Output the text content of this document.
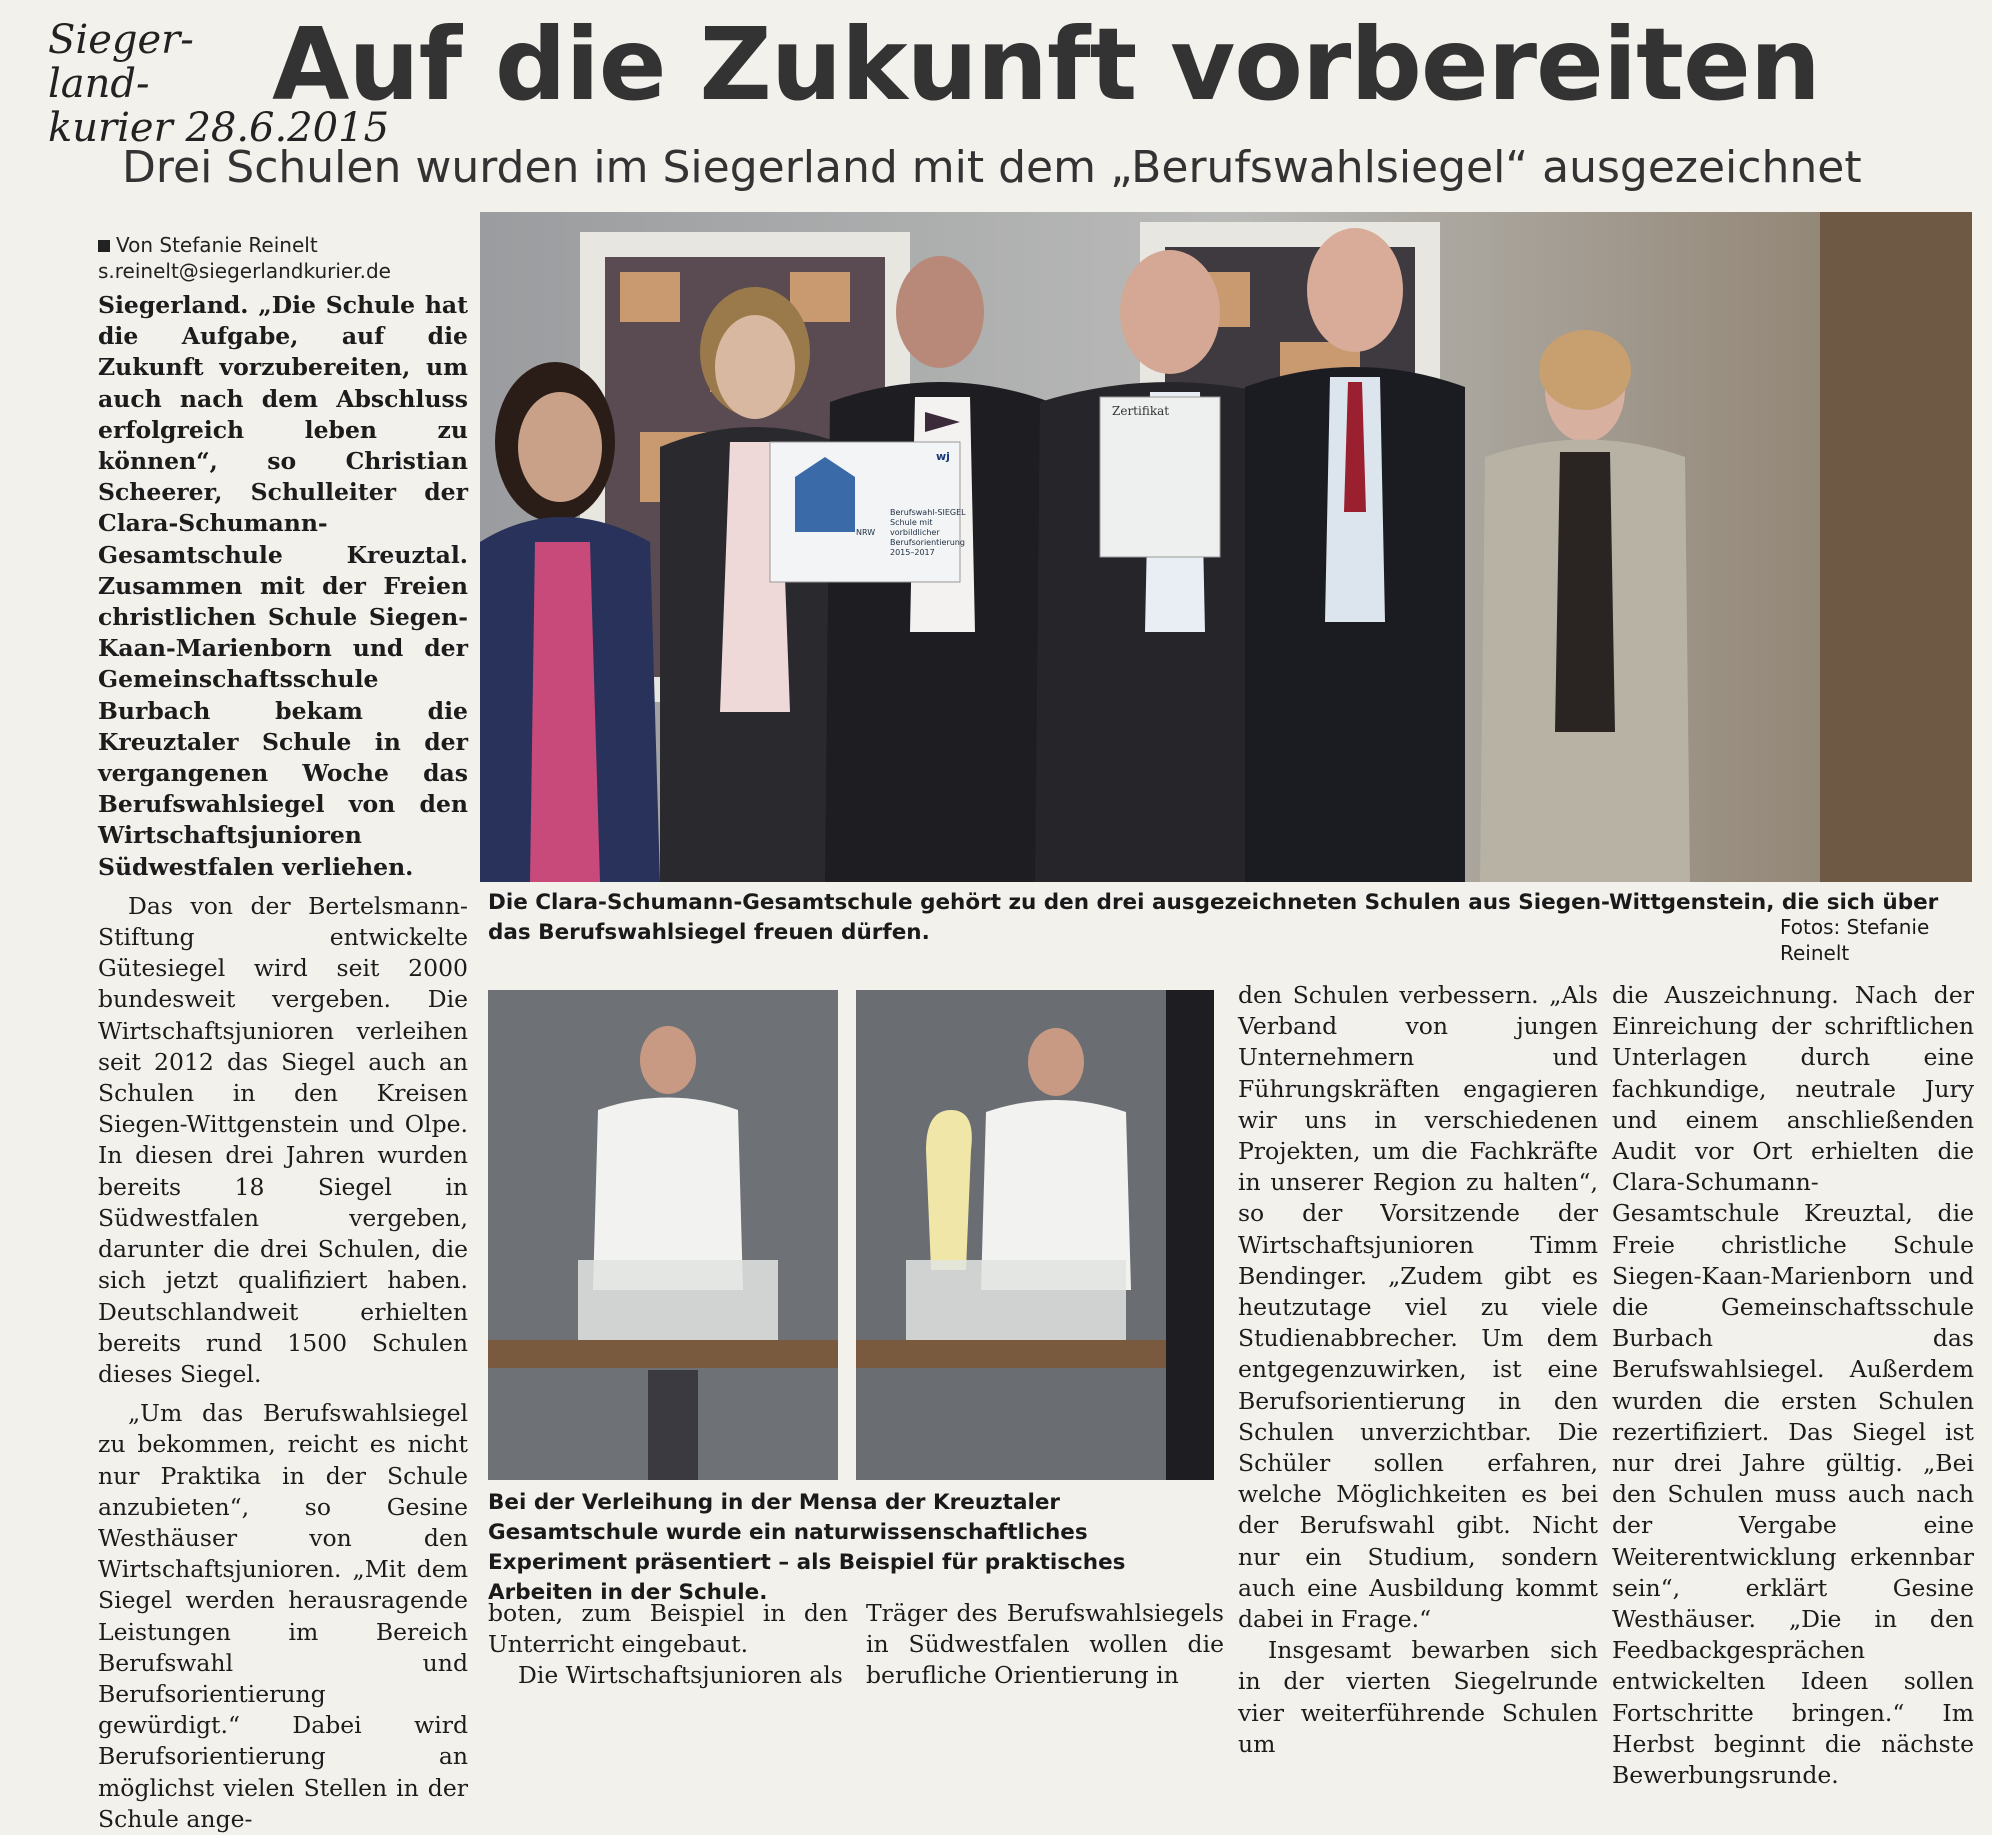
Sieger-
land-
kurier 28.6.2015
Auf die Zukunft vorbereiten
Drei Schulen wurden im Siegerland mit dem „Berufswahlsiegel“ ausgezeichnet
Von Stefanie Reinelt
s.reinelt@siegerlandkurier.de

Siegerland. „Die Schule hat die Aufgabe, auf die Zukunft vorzubereiten, um auch nach dem Abschluss erfolgreich leben zu können“, so Christian Scheerer, Schulleiter der Clara-Schumann-Gesamtschule Kreuztal. Zusammen mit der Freien christlichen Schule Siegen-Kaan-Marienborn und der Gemeinschaftsschule Burbach bekam die Kreuztaler Schule in der vergangenen Woche das Berufswahlsiegel von den Wirtschaftsjunioren Südwestfalen verliehen.

Das von der Bertelsmann-Stiftung entwickelte Gütesiegel wird seit 2000 bundesweit vergeben. Die Wirtschaftsjunioren verleihen seit 2012 das Siegel auch an Schulen in den Kreisen Siegen-Wittgenstein und Olpe. In diesen drei Jahren wurden bereits 18 Siegel in Südwestfalen vergeben, darunter die drei Schulen, die sich jetzt qualifiziert haben. Deutschlandweit erhielten bereits rund 1500 Schulen dieses Siegel.

„Um das Berufswahlsiegel zu bekommen, reicht es nicht nur Praktika in der Schule anzubieten“, so Gesine Westhäuser von den Wirtschaftsjunioren. „Mit dem Siegel werden herausragende Leistungen im Bereich Berufswahl und Berufsorientierung gewürdigt.“ Dabei wird Berufsorientierung an möglichst vielen Stellen in der Schule ange-

Berufswahl-SIEGEL
Schule mit vorbildlicher Berufsorientierung
2015–2017
NRW
wj
Zertifikat
Die Clara-Schumann-Gesamtschule gehört zu den drei ausgezeichneten Schulen aus Siegen-Wittgenstein, die sich über das Berufswahlsiegel freuen dürfen.	Fotos: Stefanie Reinelt
Bei der Verleihung in der Mensa der Kreuztaler Gesamtschule wurde ein naturwissenschaftliches Experiment präsentiert – als Beispiel für praktisches Arbeiten in der Schule.

boten, zum Beispiel in den Unterricht eingebaut.

Die Wirtschaftsjunioren als

Träger des Berufswahlsiegels in Südwestfalen wollen die berufliche Orientierung in

den Schulen verbessern. „Als Verband von jungen Unternehmern und Führungskräften engagieren wir uns in verschiedenen Projekten, um die Fachkräfte in unserer Region zu halten“, so der Vorsitzende der Wirtschaftsjunioren Timm Bendinger. „Zudem gibt es heutzutage viel zu viele Studienabbrecher. Um dem entgegenzuwirken, ist eine Berufsorientierung in den Schulen unverzichtbar. Die Schüler sollen erfahren, welche Möglichkeiten es bei der Berufswahl gibt. Nicht nur ein Studium, sondern auch eine Ausbildung kommt dabei in Frage.“

Insgesamt bewarben sich in der vierten Siegelrunde vier weiterführende Schulen um

die Auszeichnung. Nach der Einreichung der schriftlichen Unterlagen durch eine fachkundige, neutrale Jury und einem anschließenden Audit vor Ort erhielten die Clara-Schumann-Gesamtschule Kreuztal, die Freie christliche Schule Siegen-Kaan-Marienborn und die Gemeinschaftsschule Burbach das Berufswahlsiegel. Außerdem wurden die ersten Schulen rezertifiziert. Das Siegel ist nur drei Jahre gültig. „Bei den Schulen muss auch nach der Vergabe eine Weiterentwicklung erkennbar sein“, erklärt Gesine Westhäuser. „Die in den Feedbackgesprächen entwickelten Ideen sollen Fortschritte bringen.“ Im Herbst beginnt die nächste Bewerbungsrunde.
